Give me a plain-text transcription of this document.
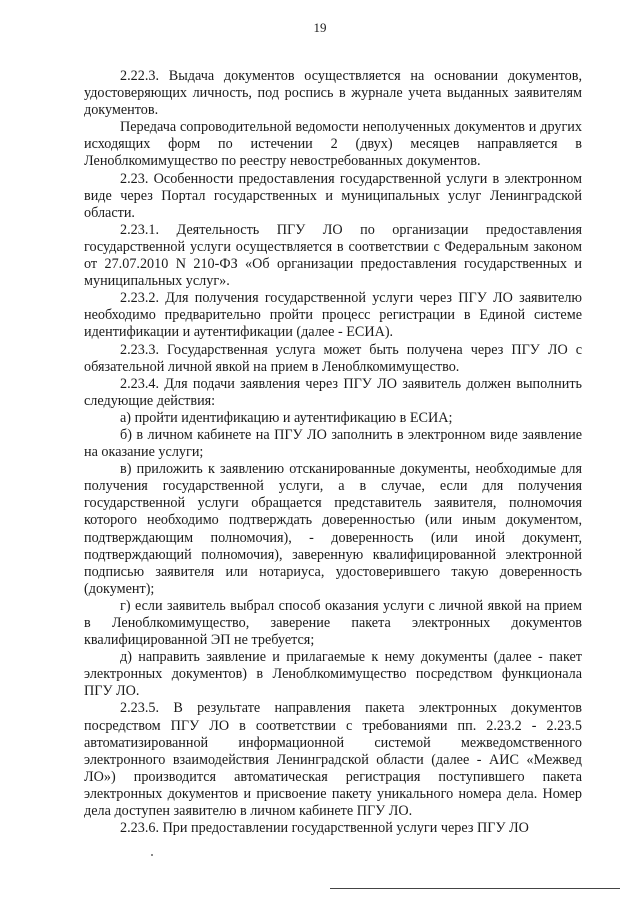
19

2.22.3. Выдача документов осуществляется на основании документов, удостоверяющих личность, под роспись в журнале учета выданных заявителям документов.

Передача сопроводительной ведомости неполученных документов и других исходящих форм по истечении 2 (двух) месяцев направляется в Леноблкомимущество по реестру невостребованных документов.

2.23. Особенности предоставления государственной услуги в электронном виде через Портал государственных и муниципальных услуг Ленинградской области.

2.23.1. Деятельность ПГУ ЛО по организации предоставления государственной услуги осуществляется в соответствии с Федеральным законом от 27.07.2010 N 210-ФЗ «Об организации предоставления государственных и муниципальных услуг».

2.23.2. Для получения государственной услуги через ПГУ ЛО заявителю необходимо предварительно пройти процесс регистрации в Единой системе идентификации и аутентификации (далее - ЕСИА).

2.23.3. Государственная услуга может быть получена через ПГУ ЛО с обязательной личной явкой на прием в Леноблкомимущество.

2.23.4. Для подачи заявления через ПГУ ЛО заявитель должен выполнить следующие действия:

а) пройти идентификацию и аутентификацию в ЕСИА;

б) в личном кабинете на ПГУ ЛО заполнить в электронном виде заявление на оказание услуги;

в) приложить к заявлению отсканированные документы, необходимые для получения государственной услуги, а в случае, если для получения государственной услуги обращается представитель заявителя, полномочия которого необходимо подтверждать доверенностью (или иным документом, подтверждающим полномочия), - доверенность (или иной документ, подтверждающий полномочия), заверенную квалифицированной электронной подписью заявителя или нотариуса, удостоверившего такую доверенность (документ);

г) если заявитель выбрал способ оказания услуги с личной явкой на прием в Леноблкомимущество, заверение пакета электронных документов квалифицированной ЭП не требуется;

д) направить заявление и прилагаемые к нему документы (далее - пакет электронных документов) в Леноблкомимущество посредством функционала ПГУ ЛО.

2.23.5. В результате направления пакета электронных документов посредством ПГУ ЛО в соответствии с требованиями пп. 2.23.2 - 2.23.5 автоматизированной информационной системой межведомственного электронного взаимодействия Ленинградской области (далее - АИС «Межвед ЛО») производится автоматическая регистрация поступившего пакета электронных документов и присвоение пакету уникального номера дела. Номер дела доступен заявителю в личном кабинете ПГУ ЛО.

2.23.6. При предоставлении государственной услуги через ПГУ ЛО
